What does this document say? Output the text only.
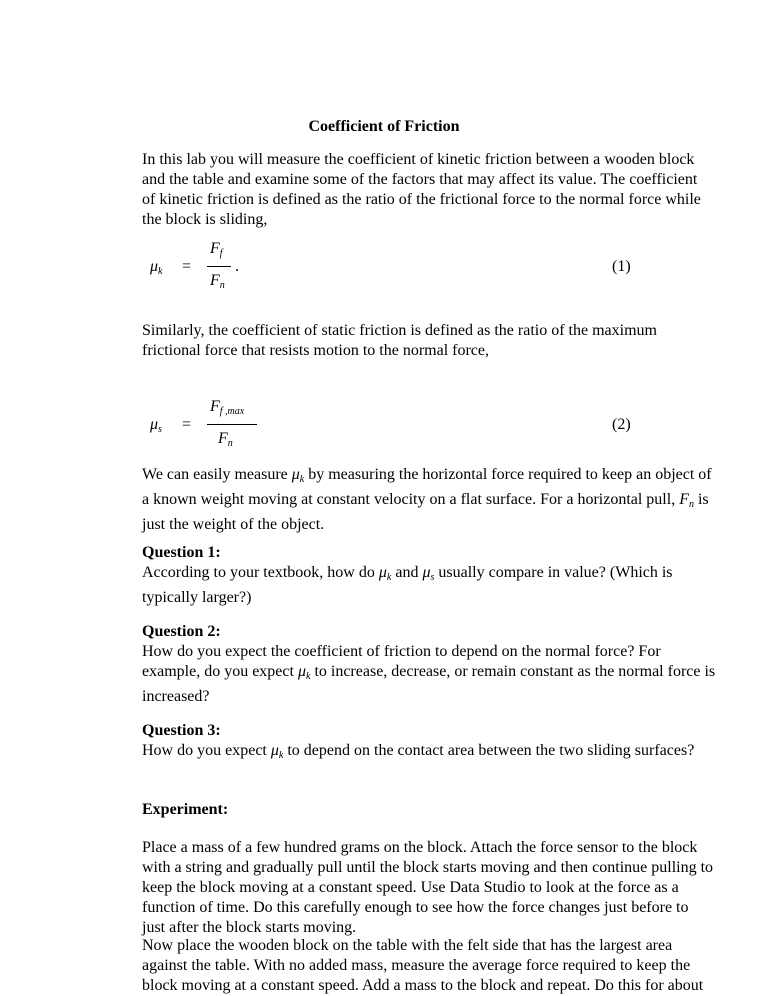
Coefficient of Friction
In this lab you will measure the coefficient of kinetic friction between a wooden block
and the table and examine some of the factors that may affect its value. The coefficient
of kinetic friction is defined as the ratio of the frictional force to the normal force while
the block is sliding,
$\mu_k$ =
$F_f$
$F_n$
.	(1)
Similarly, the coefficient of static friction is defined as the ratio of the maximum
frictional force that resists motion to the normal force,
$\mu_s$ =
$F_{f ,max}$
$F_n$
(2)
We can easily measure $\mu_k$ by measuring the horizontal force required to keep an object of
a known weight moving at constant velocity on a flat surface. For a horizontal pull, $F_n$ is
just the weight of the object.
Question 1:
According to your textbook, how do $\mu_k$ and $\mu_s$ usually compare in value? (Which is
typically larger?)
Question 2:
How do you expect the coefficient of friction to depend on the normal force? For
example, do you expect $\mu_k$ to increase, decrease, or remain constant as the normal force is
increased?
Question 3:
How do you expect $\mu_k$ to depend on the contact area between the two sliding surfaces?
Experiment:
Place a mass of a few hundred grams on the block. Attach the force sensor to the block
with a string and gradually pull until the block starts moving and then continue pulling to
keep the block moving at a constant speed. Use Data Studio to look at the force as a
function of time. Do this carefully enough to see how the force changes just before to
just after the block starts moving.
Now place the wooden block on the table with the felt side that has the largest area
against the table. With no added mass, measure the average force required to keep the
block moving at a constant speed. Add a mass to the block and repeat. Do this for about
